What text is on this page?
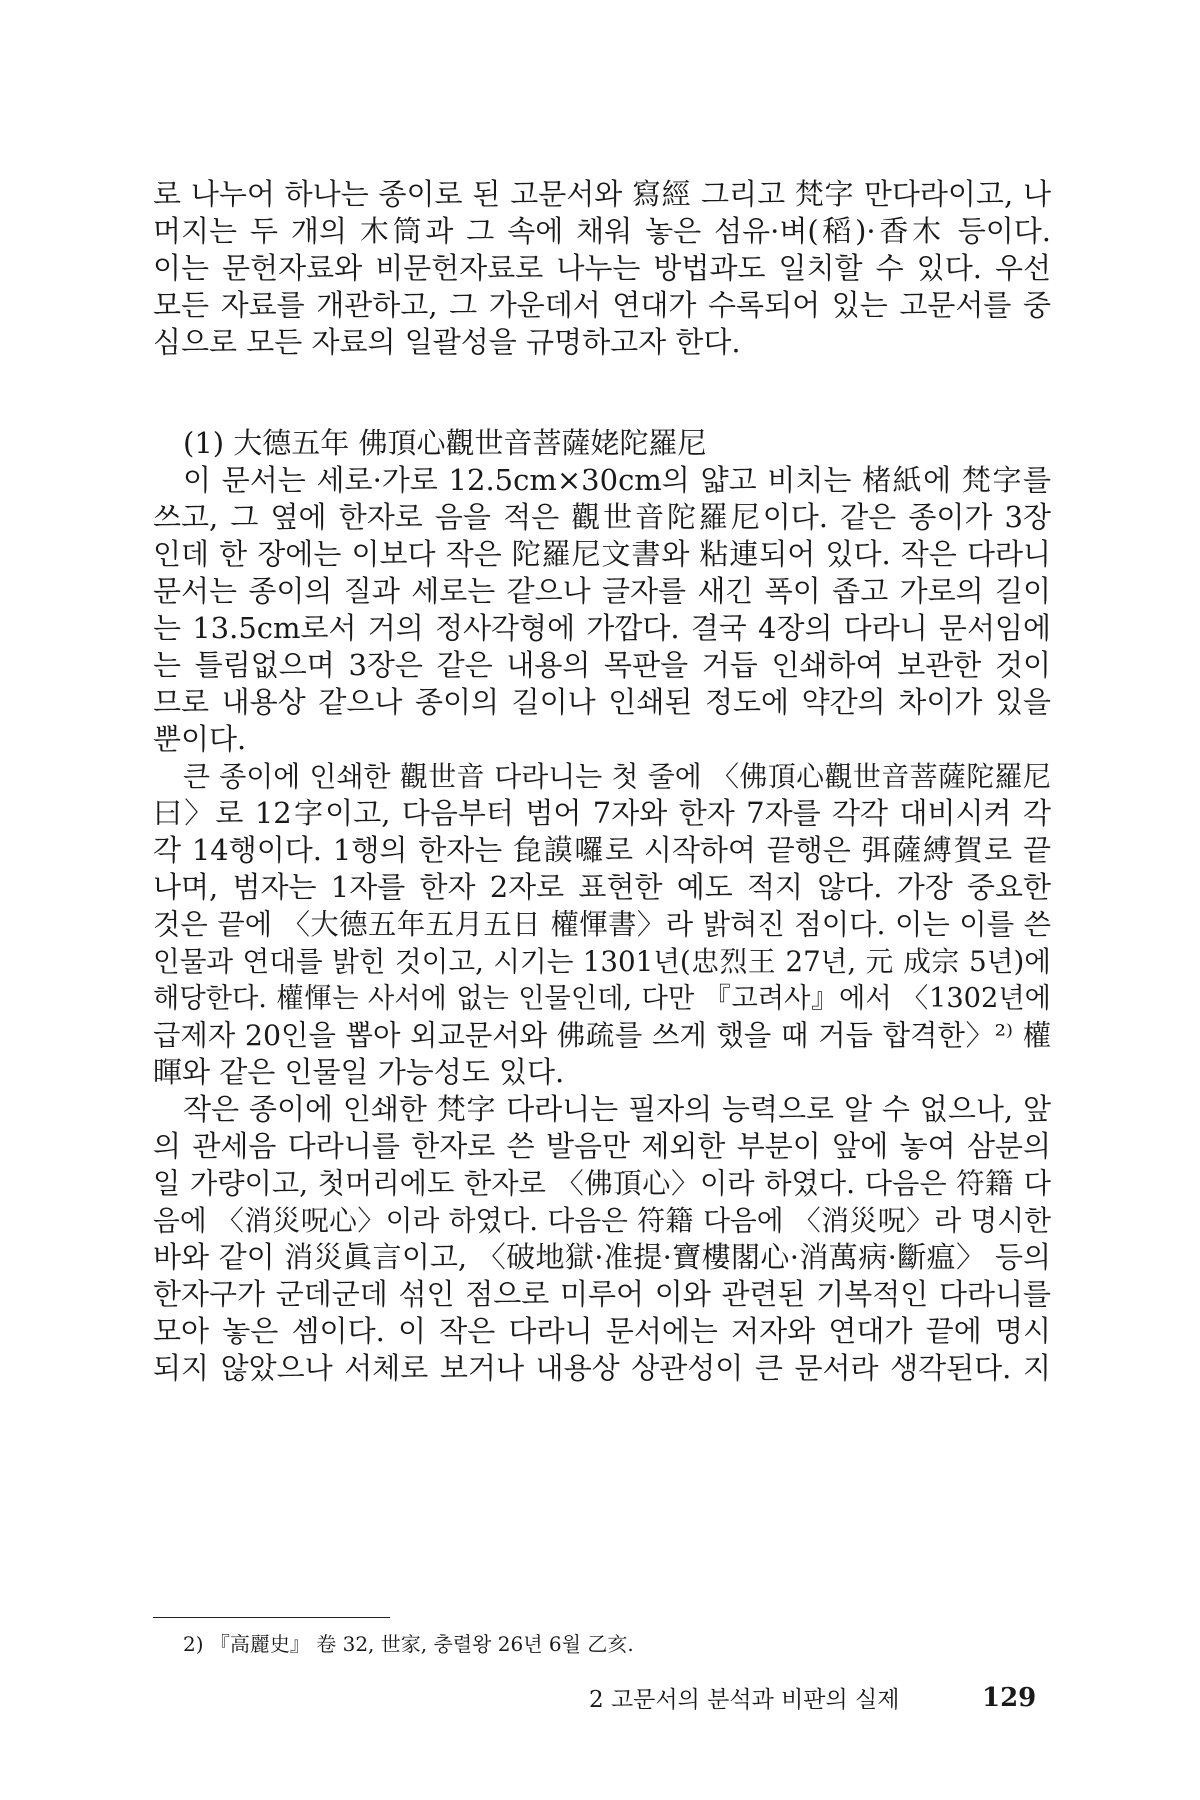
로 나누어 하나는 종이로 된 고문서와 寫經 그리고 梵字 만다라이고, 나
머지는 두 개의 木筒과 그 속에 채워 놓은 섬유·벼(稻)·香木 등이다.
이는 문헌자료와 비문헌자료로 나누는 방법과도 일치할 수 있다. 우선
모든 자료를 개관하고, 그 가운데서 연대가 수록되어 있는 고문서를 중
심으로 모든 자료의 일괄성을 규명하고자 한다.
(1) 大德五年 佛頂心觀世音菩薩姥陀羅尼
이 문서는 세로·가로 12.5cm×30cm의 얇고 비치는 楮紙에 梵字를
쓰고, 그 옆에 한자로 음을 적은 觀世音陀羅尼이다. 같은 종이가 3장
인데 한 장에는 이보다 작은 陀羅尼文書와 粘連되어 있다. 작은 다라니
문서는 종이의 질과 세로는 같으나 글자를 새긴 폭이 좁고 가로의 길이
는 13.5cm로서 거의 정사각형에 가깝다. 결국 4장의 다라니 문서임에
는 틀림없으며 3장은 같은 내용의 목판을 거듭 인쇄하여 보관한 것이
므로 내용상 같으나 종이의 길이나 인쇄된 정도에 약간의 차이가 있을
뿐이다.
큰 종이에 인쇄한 觀世音 다라니는 첫 줄에 〈佛頂心觀世音菩薩陀羅尼
曰〉로 12字이고, 다음부터 범어 7자와 한자 7자를 각각 대비시켜 각
각 14행이다. 1행의 한자는 㲋謨囉로 시작하여 끝행은 弭薩縛賀로 끝
나며, 범자는 1자를 한자 2자로 표현한 예도 적지 않다. 가장 중요한
것은 끝에 〈大德五年五月五日 權惲書〉라 밝혀진 점이다. 이는 이를 쓴
인물과 연대를 밝힌 것이고, 시기는 1301년(忠烈王 27년, 元 成宗 5년)에
해당한다. 權惲는 사서에 없는 인물인데, 다만 『고려사』에서 〈1302년에
급제자 20인을 뽑아 외교문서와 佛疏를 쓰게 했을 때 거듭 합격한〉²⁾ 權
暉와 같은 인물일 가능성도 있다.
작은 종이에 인쇄한 梵字 다라니는 필자의 능력으로 알 수 없으나, 앞
의 관세음 다라니를 한자로 쓴 발음만 제외한 부분이 앞에 놓여 삼분의
일 가량이고, 첫머리에도 한자로 〈佛頂心〉이라 하였다. 다음은 符籍 다
음에 〈消災呪心〉이라 하였다. 다음은 符籍 다음에 〈消災呪〉라 명시한
바와 같이 消災眞言이고, 〈破地獄·准提·寶樓閣心·消萬病·斷瘟〉 등의
한자구가 군데군데 섞인 점으로 미루어 이와 관련된 기복적인 다라니를
모아 놓은 셈이다. 이 작은 다라니 문서에는 저자와 연대가 끝에 명시
되지 않았으나 서체로 보거나 내용상 상관성이 큰 문서라 생각된다. 지
2) 『高麗史』 卷 32, 世家, 충렬왕 26년 6월 乙亥.
2 고문서의 분석과 비판의 실제	129
